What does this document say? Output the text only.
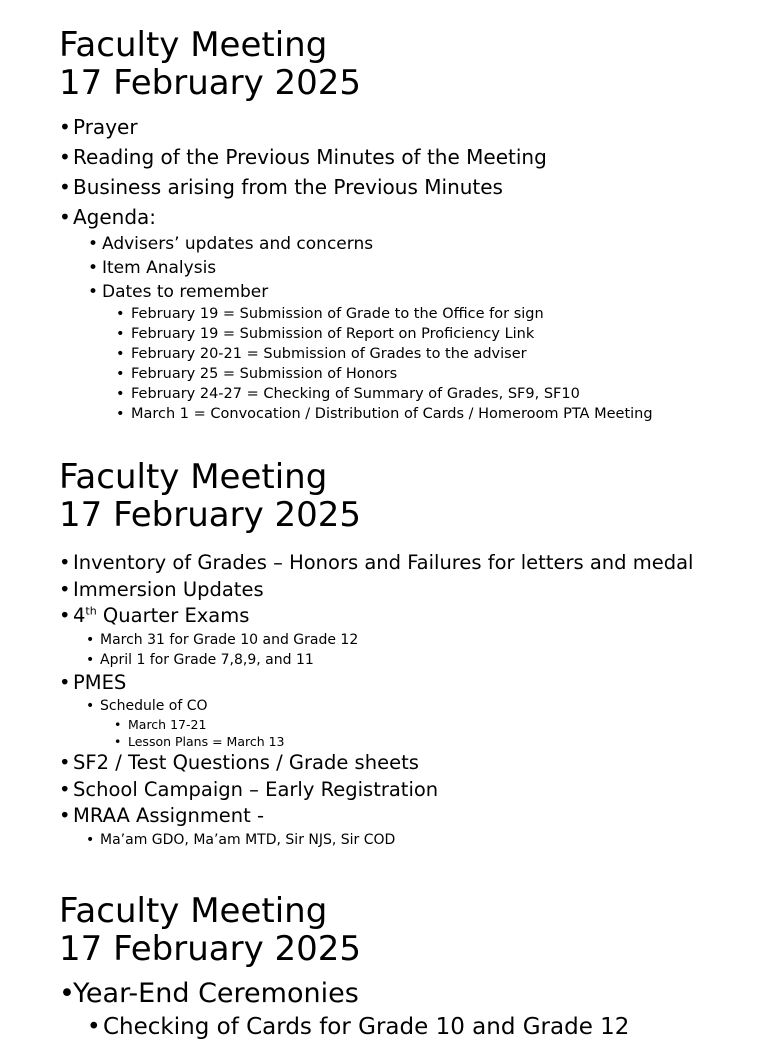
Faculty Meeting
17 February 2025
• Prayer
• Reading of the Previous Minutes of the Meeting
• Business arising from the Previous Minutes
• Agenda:
• Advisers’ updates and concerns
• Item Analysis
• Dates to remember
• February 19 = Submission of Grade to the Office for sign
• February 19 = Submission of Report on Proficiency Link
• February 20-21 = Submission of Grades to the adviser
• February 25 = Submission of Honors
• February 24-27 = Checking of Summary of Grades, SF9, SF10
• March 1 = Convocation / Distribution of Cards / Homeroom PTA Meeting
Faculty Meeting
17 February 2025
• Inventory of Grades – Honors and Failures for letters and medal
• Immersion Updates
• 4th Quarter Exams
• March 31 for Grade 10 and Grade 12
• April 1 for Grade 7,8,9, and 11
• PMES
• Schedule of CO
• March 17-21
• Lesson Plans = March 13
• SF2 / Test Questions / Grade sheets
• School Campaign – Early Registration
• MRAA Assignment -
• Ma’am GDO, Ma’am MTD, Sir NJS, Sir COD
Faculty Meeting
17 February 2025
•
Year-End Ceremonies
• Checking of Cards for Grade 10 and Grade 12
